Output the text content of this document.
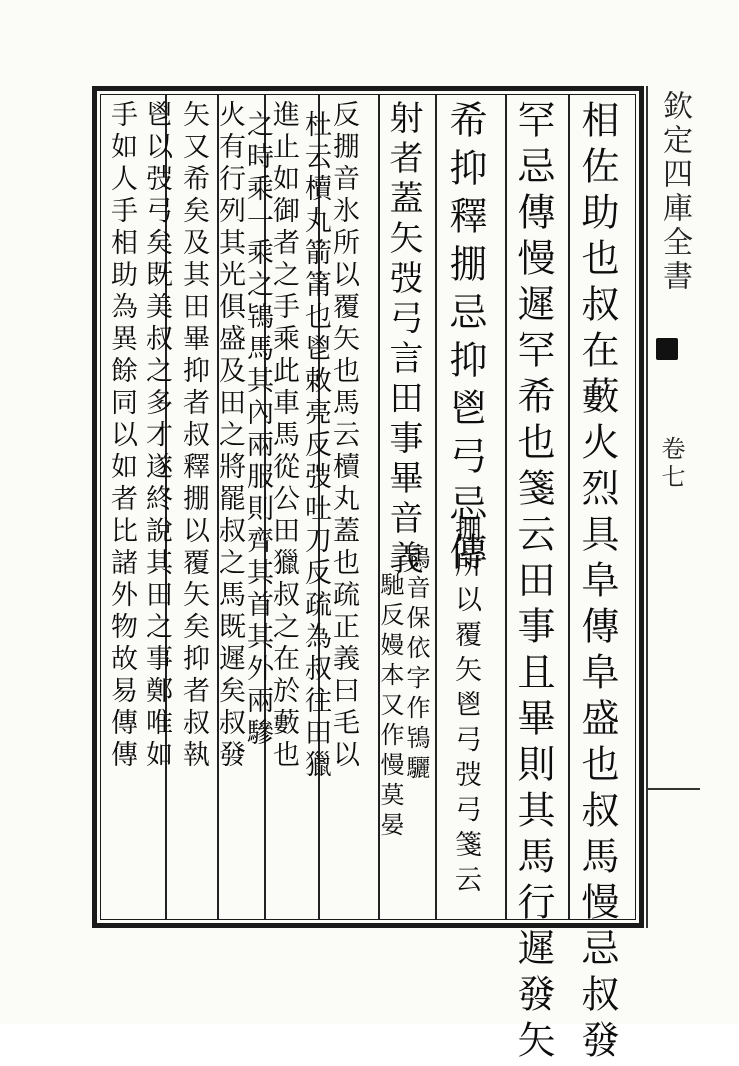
相佐助也叔在藪火烈具阜傳阜盛也叔馬慢忌叔發
罕忌傳慢遲罕希也箋云田事且畢則其馬行遲發矢
希抑釋掤忌抑鬯弓忌傳
掤所以覆矢鬯弓弢弓箋云
射者蓋矢弢弓言田事畢音義
鴇音保依字作鴇驪
馳反嫚本又作慢莫晏
反掤音氷所以覆矢也馬云櫝丸蓋也疏正義曰毛以
杜云櫝丸箭筩也鬯敕亮反弢吐刀反疏為叔往田獵
進止如御者之手乘此車馬從公田獵叔之在於藪也
之時乘一乘之鴇馬其內兩服則齊其首其外兩驂
火有行列其光俱盛及田之將罷叔之馬既遲矣叔發
矢又希矣及其田畢抑者叔釋掤以覆矢矣抑者叔執
鬯以弢弓矣既美叔之多才遂終說其田之事鄭唯如
手如人手相助為異餘同以如者比諸外物故易傳傳	欽定四庫全書
卷七
